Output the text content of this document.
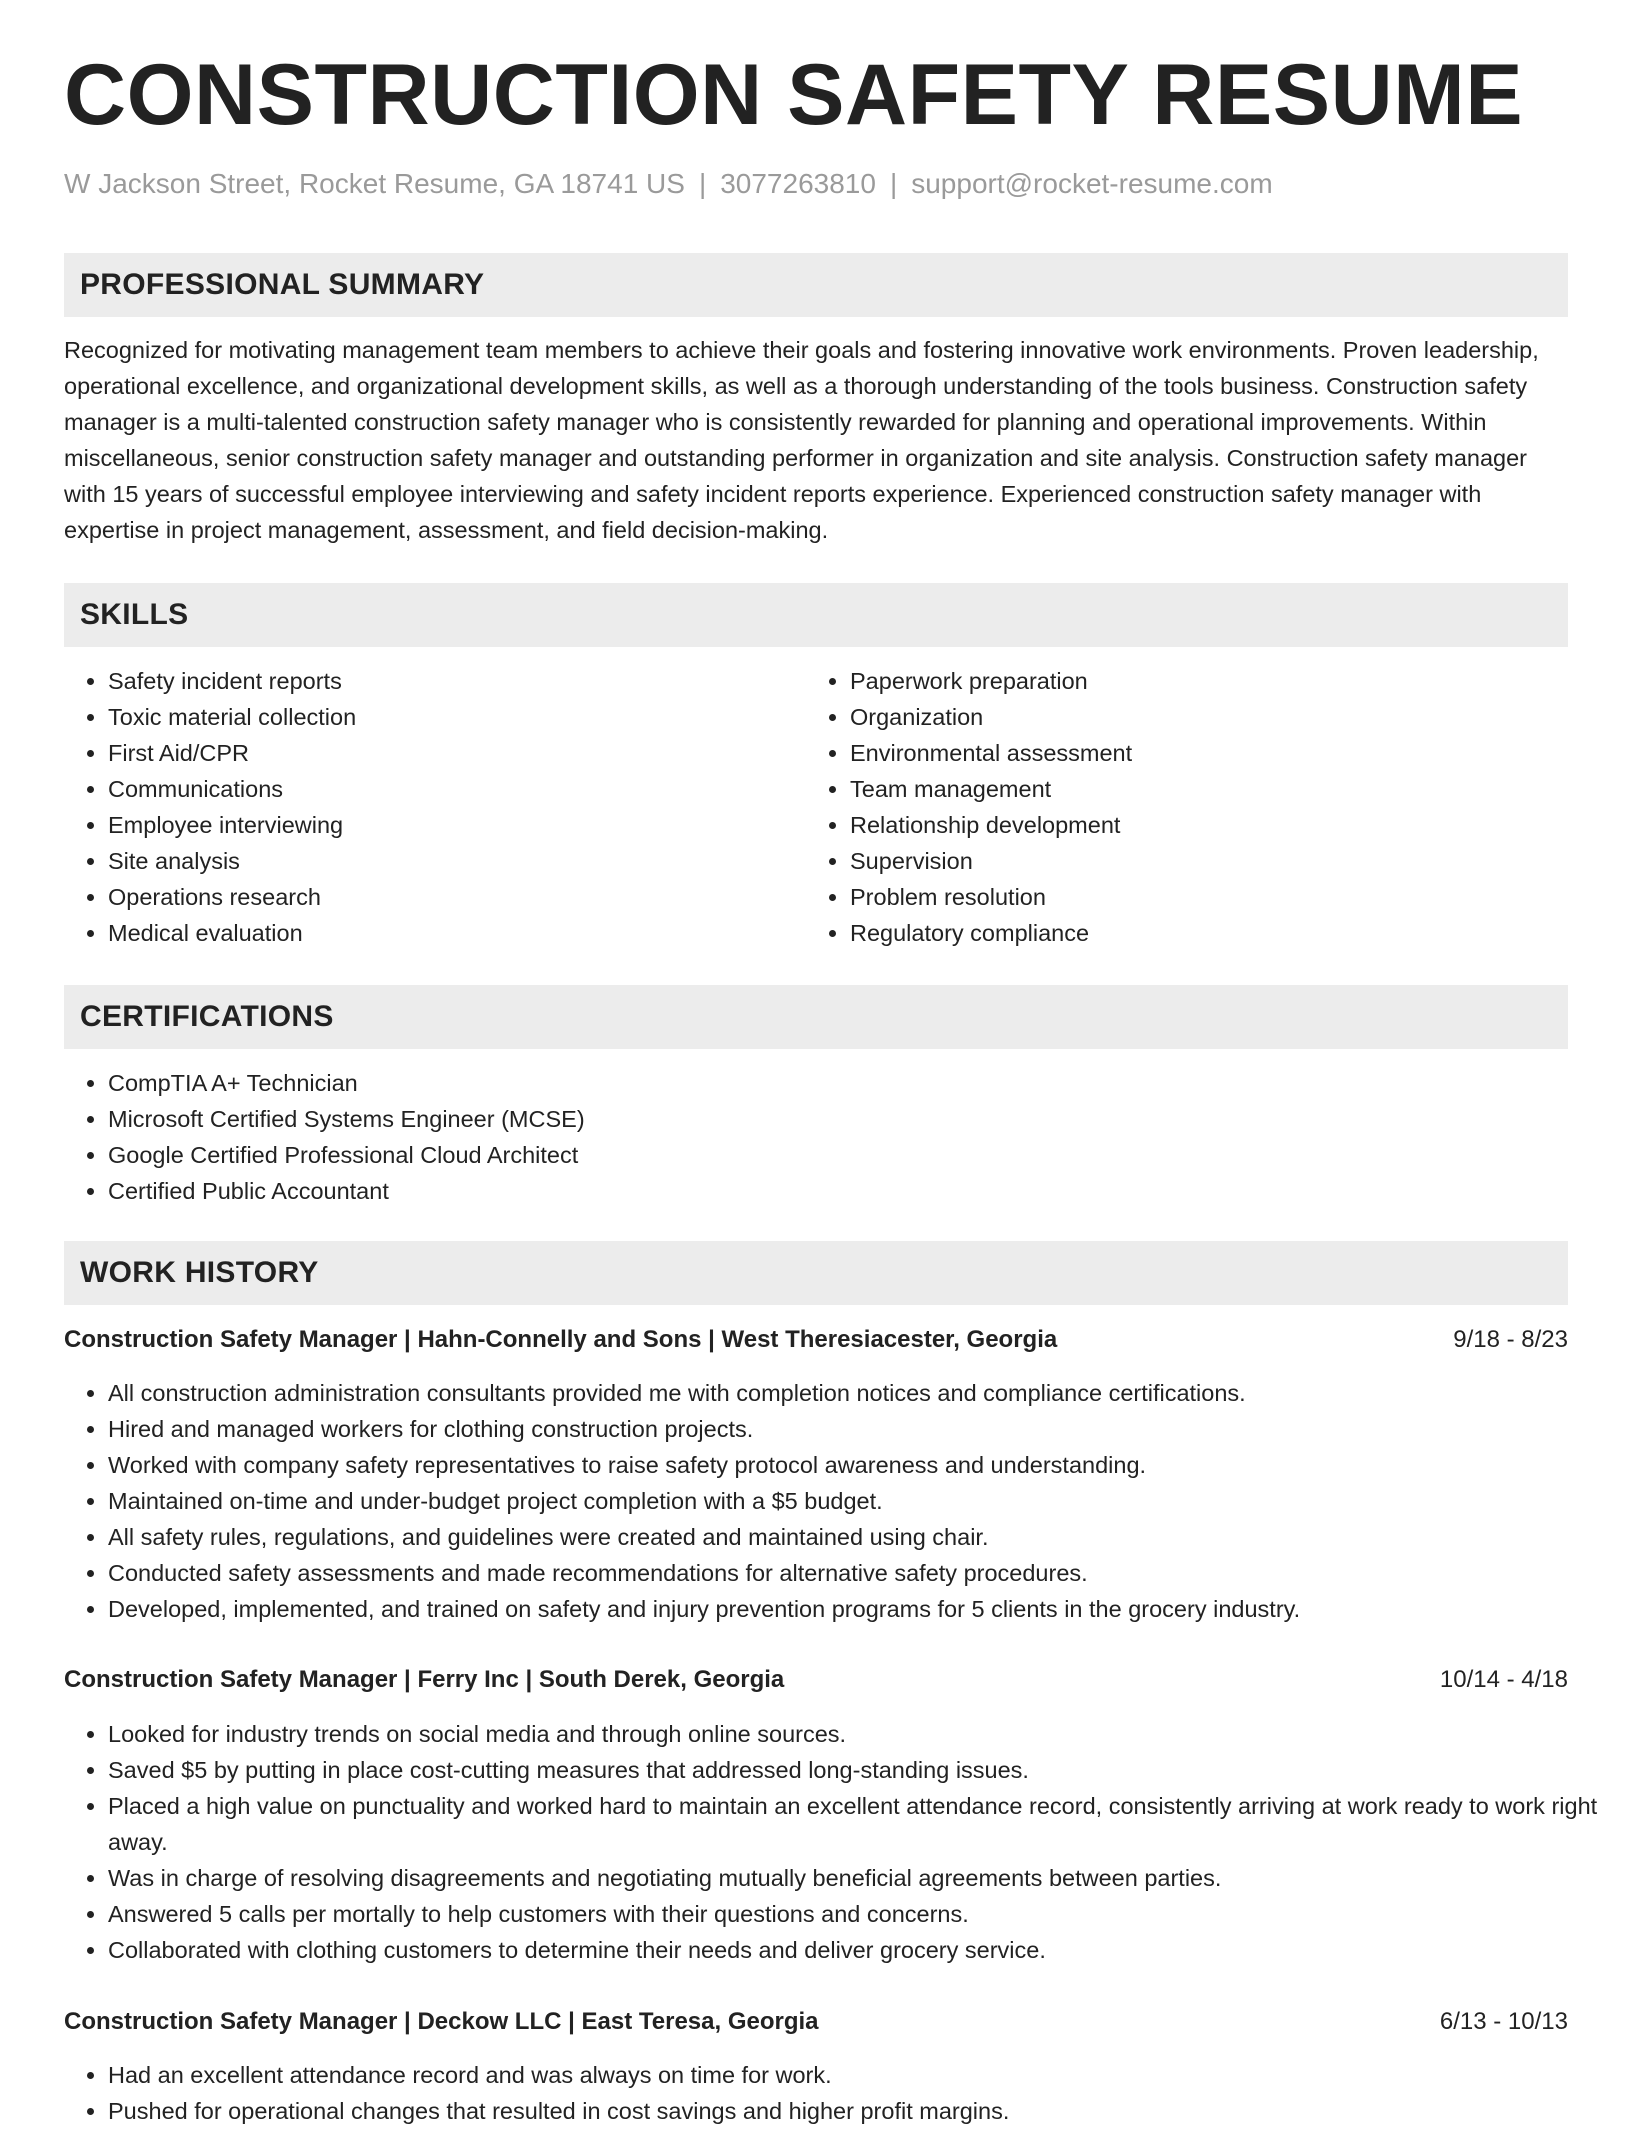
CONSTRUCTION SAFETY RESUME
W Jackson Street, Rocket Resume, GA 18741 US | 3077263810 | support@rocket-resume.com
PROFESSIONAL SUMMARY

Recognized for motivating management team members to achieve their goals and fostering innovative work environments. Proven leadership, operational excellence, and organizational development skills, as well as a thorough understanding of the tools business. Construction safety manager is a multi-talented construction safety manager who is consistently rewarded for planning and operational improvements. Within miscellaneous, senior construction safety manager and outstanding performer in organization and site analysis. Construction safety manager with 15 years of successful employee interviewing and safety incident reports experience. Experienced construction safety manager with expertise in project management, assessment, and field decision-making.

SKILLS
• Safety incident reports
• Toxic material collection
• First Aid/CPR
• Communications
• Employee interviewing
• Site analysis
• Operations research
• Medical evaluation
• Paperwork preparation
• Organization
• Environmental assessment
• Team management
• Relationship development
• Supervision
• Problem resolution
• Regulatory compliance
CERTIFICATIONS
• CompTIA A+ Technician
• Microsoft Certified Systems Engineer (MCSE)
• Google Certified Professional Cloud Architect
• Certified Public Accountant
WORK HISTORY
Construction Safety Manager | Hahn-Connelly and Sons | West Theresiacester, Georgia	9/18 - 8/23
• All construction administration consultants provided me with completion notices and compliance certifications.
• Hired and managed workers for clothing construction projects.
• Worked with company safety representatives to raise safety protocol awareness and understanding.
• Maintained on-time and under-budget project completion with a $5 budget.
• All safety rules, regulations, and guidelines were created and maintained using chair.
• Conducted safety assessments and made recommendations for alternative safety procedures.
• Developed, implemented, and trained on safety and injury prevention programs for 5 clients in the grocery industry.
Construction Safety Manager | Ferry Inc | South Derek, Georgia	10/14 - 4/18
• Looked for industry trends on social media and through online sources.
• Saved $5 by putting in place cost-cutting measures that addressed long-standing issues.
• Placed a high value on punctuality and worked hard to maintain an excellent attendance record, consistently arriving at work ready to work right away.
• Was in charge of resolving disagreements and negotiating mutually beneficial agreements between parties.
• Answered 5 calls per mortally to help customers with their questions and concerns.
• Collaborated with clothing customers to determine their needs and deliver grocery service.
Construction Safety Manager | Deckow LLC | East Teresa, Georgia	6/13 - 10/13
• Had an excellent attendance record and was always on time for work.
• Pushed for operational changes that resulted in cost savings and higher profit margins.
